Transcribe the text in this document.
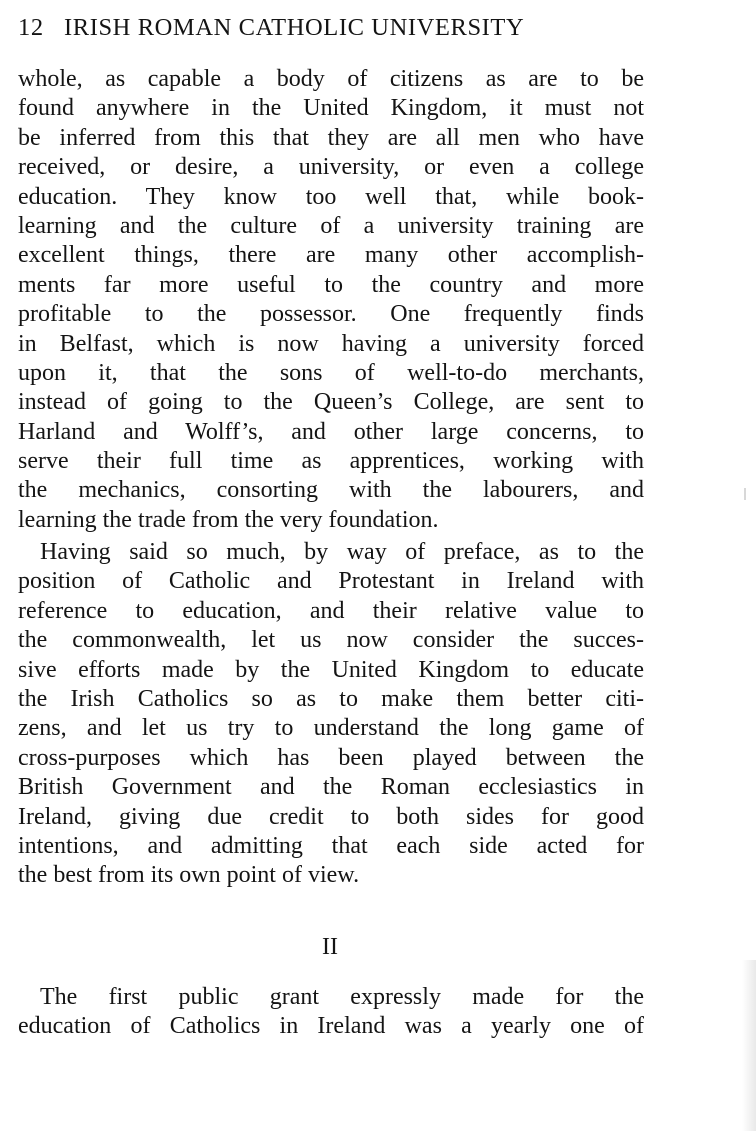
12 IRISH ROMAN CATHOLIC UNIVERSITY
whole, as capable a body of citizens as are to be
found anywhere in the United Kingdom, it must not
be inferred from this that they are all men who have
received, or desire, a university, or even a college
education. They know too well that, while book-
learning and the culture of a university training are
excellent things, there are many other accomplish-
ments far more useful to the country and more
profitable to the possessor. One frequently finds
in Belfast, which is now having a university forced
upon it, that the sons of well-to-do merchants,
instead of going to the Queen’s College, are sent to
Harland and Wolff’s, and other large concerns, to
serve their full time as apprentices, working with
the mechanics, consorting with the labourers, and
learning the trade from the very foundation.
Having said so much, by way of preface, as to the
position of Catholic and Protestant in Ireland with
reference to education, and their relative value to
the commonwealth, let us now consider the succes-
sive efforts made by the United Kingdom to educate
the Irish Catholics so as to make them better citi-
zens, and let us try to understand the long game of
cross-purposes which has been played between the
British Government and the Roman ecclesiastics in
Ireland, giving due credit to both sides for good
intentions, and admitting that each side acted for
the best from its own point of view.
II
The first public grant expressly made for the
education of Catholics in Ireland was a yearly one of
